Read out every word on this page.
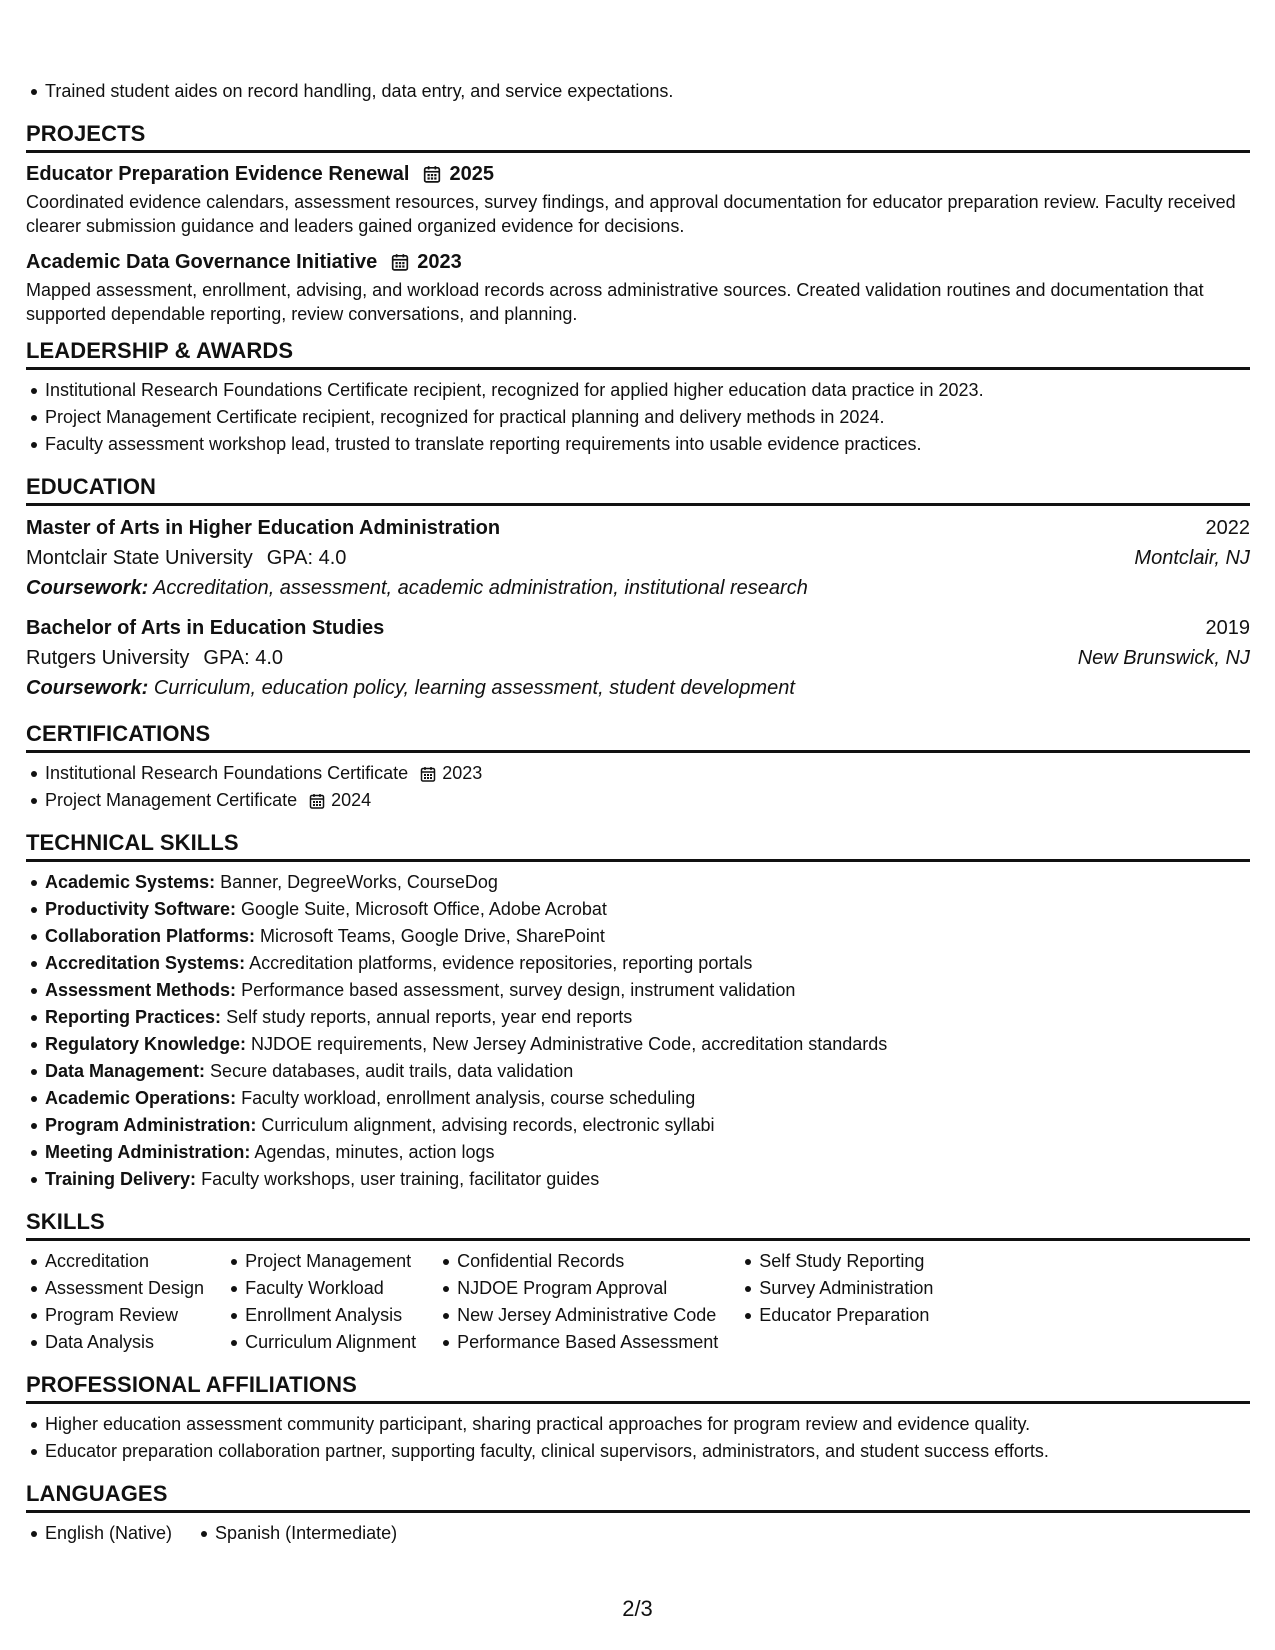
Trained student aides on record handling, data entry, and service expectations.
PROJECTS
Educator Preparation Evidence Renewal 2025
Coordinated evidence calendars, assessment resources, survey findings, and approval documentation for educator preparation review. Faculty received clearer submission guidance and leaders gained organized evidence for decisions.
Academic Data Governance Initiative 2023
Mapped assessment, enrollment, advising, and workload records across administrative sources. Created validation routines and documentation that supported dependable reporting, review conversations, and planning.
LEADERSHIP & AWARDS
Institutional Research Foundations Certificate recipient, recognized for applied higher education data practice in 2023.
Project Management Certificate recipient, recognized for practical planning and delivery methods in 2024.
Faculty assessment workshop lead, trusted to translate reporting requirements into usable evidence practices.
EDUCATION
Master of Arts in Higher Education Administration	2022
Montclair State University GPA: 4.0	Montclair, NJ
Coursework: Accreditation, assessment, academic administration, institutional research
Bachelor of Arts in Education Studies	2019
Rutgers University GPA: 4.0	New Brunswick, NJ
Coursework: Curriculum, education policy, learning assessment, student development
CERTIFICATIONS
Institutional Research Foundations Certificate 2023
Project Management Certificate 2024
TECHNICAL SKILLS
Academic Systems: Banner, DegreeWorks, CourseDog
Productivity Software: Google Suite, Microsoft Office, Adobe Acrobat
Collaboration Platforms: Microsoft Teams, Google Drive, SharePoint
Accreditation Systems: Accreditation platforms, evidence repositories, reporting portals
Assessment Methods: Performance based assessment, survey design, instrument validation
Reporting Practices: Self study reports, annual reports, year end reports
Regulatory Knowledge: NJDOE requirements, New Jersey Administrative Code, accreditation standards
Data Management: Secure databases, audit trails, data validation
Academic Operations: Faculty workload, enrollment analysis, course scheduling
Program Administration: Curriculum alignment, advising records, electronic syllabi
Meeting Administration: Agendas, minutes, action logs
Training Delivery: Faculty workshops, user training, facilitator guides
SKILLS
Accreditation
Assessment Design
Program Review
Data Analysis
Project Management
Faculty Workload
Enrollment Analysis
Curriculum Alignment
Confidential Records
NJDOE Program Approval
New Jersey Administrative Code
Performance Based Assessment
Self Study Reporting
Survey Administration
Educator Preparation
PROFESSIONAL AFFILIATIONS
Higher education assessment community participant, sharing practical approaches for program review and evidence quality.
Educator preparation collaboration partner, supporting faculty, clinical supervisors, administrators, and student success efforts.
LANGUAGES
English (Native)	Spanish (Intermediate)
2/3
